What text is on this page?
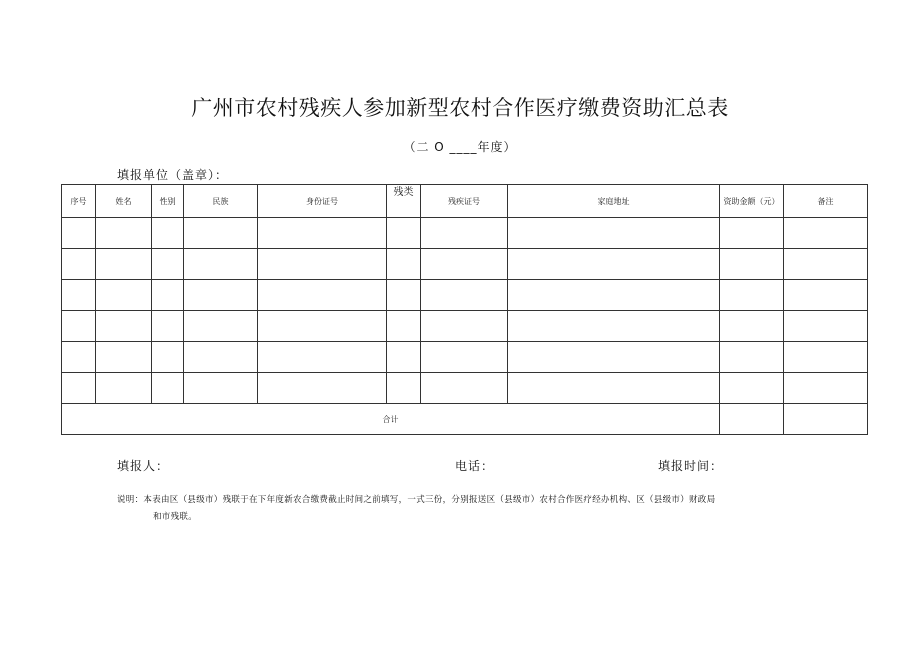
广州市农村残疾人参加新型农村合作医疗缴费资助汇总表
（二 O ____年度）
填报单位（盖章）：
序号	姓名	性别	民族	身份证号	残类	残疾证号	家庭地址	资助金额（元）	备注

合计									
填报人：	电话：	填报时间：
说明：本表由区（县级市）残联于在下年度新农合缴费截止时间之前填写，一式三份，分别报送区（县级市）农村合作医疗经办机构、区（县级市）财政局
和市残联。
